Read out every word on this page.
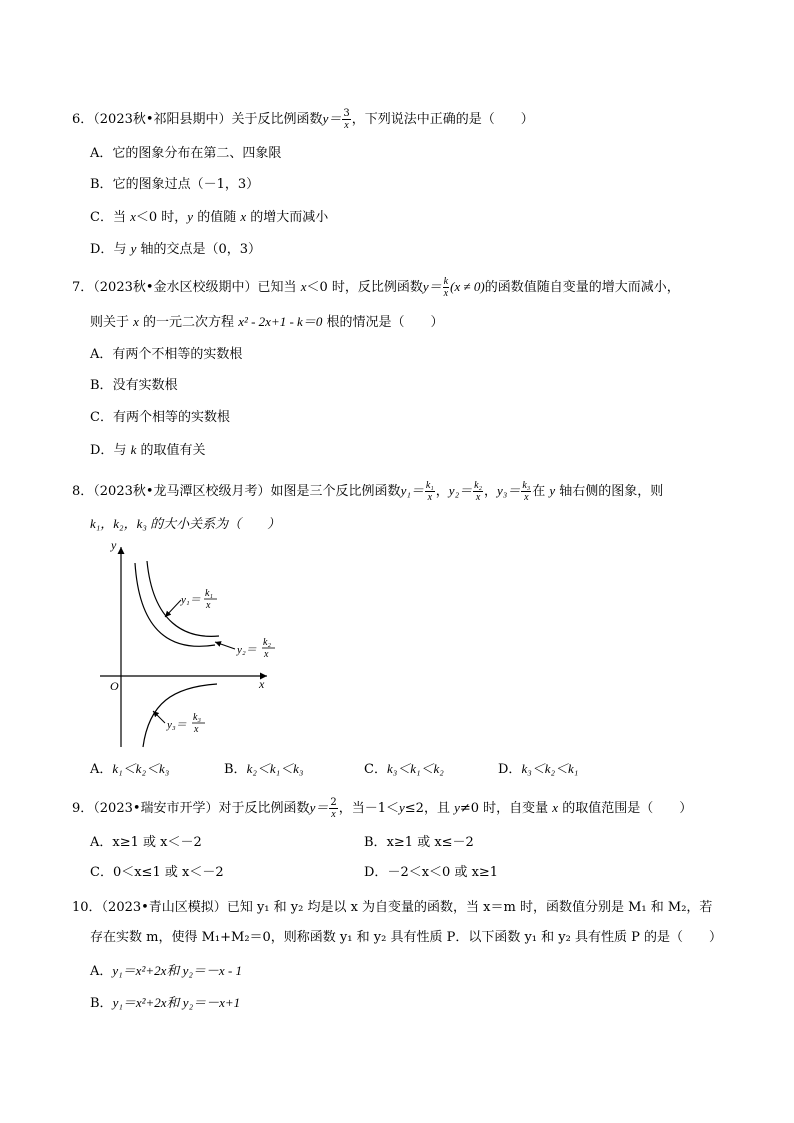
6．（2023秋•祁阳县期中）关于反比例函数$y= \frac{3}{x}$ ，下列说法中正确的是（　　）
A．它的图象分布在第二、四象限
B．它的图象过点（－1，3）
C．当 x＜0 时，y 的值随 x 的增大而减小
D．与 y 轴的交点是（0，3）
7．（2023秋•金水区校级期中）已知当 x＜0 时，反比例函数$y= \frac{k}{x} (x \ne 0)$的函数值随自变量的增大而减小，
则关于 x 的一元二次方程 x² - 2x+1 - k＝0 根的情况是（　　）
A．有两个不相等的实数根
B．没有实数根
C．有两个相等的实数根
D．与 k 的取值有关
8．（2023秋•龙马潭区校级月考）如图是三个反比例函数$y_1= \frac{\text{k₁}}{x}$ ，$y_2= \frac{\text{k₂}}{x}$ ，$y_3= \frac{\text{k₃}}{x}$ 在 y 轴右侧的图象，则
k₁，k₂，k₃ 的大小关系为（　　）
y
x
O
y₁＝
k₁
x
y₂＝
k₂
x
y₃＝
k₃
x
A．k₁＜k₂＜k₃	B．k₂＜k₁＜k₃	C．k₃＜k₁＜k₂	D．k₃＜k₂＜k₁
9．（2023•瑞安市开学）对于反比例函数$y= \frac{2}{x}$ ，当－1＜y≤2，且 y≠0 时，自变量 x 的取值范围是（　　）
A．x≥1 或 x＜－2	B．x≥1 或 x≤－2
C．0＜x≤1 或 x＜－2	D．－2＜x＜0 或 x≥1
10．（2023•青山区模拟）已知 y₁ 和 y₂ 均是以 x 为自变量的函数，当 x＝m 时，函数值分别是 M₁ 和 M₂，若
存在实数 m，使得 M₁+M₂＝0，则称函数 y₁ 和 y₂ 具有性质 P．以下函数 y₁ 和 y₂ 具有性质 P 的是（　　）
A．y₁＝x²+2x和 y₂＝－x - 1
B．y₁＝x²+2x和 y₂＝－x+1
